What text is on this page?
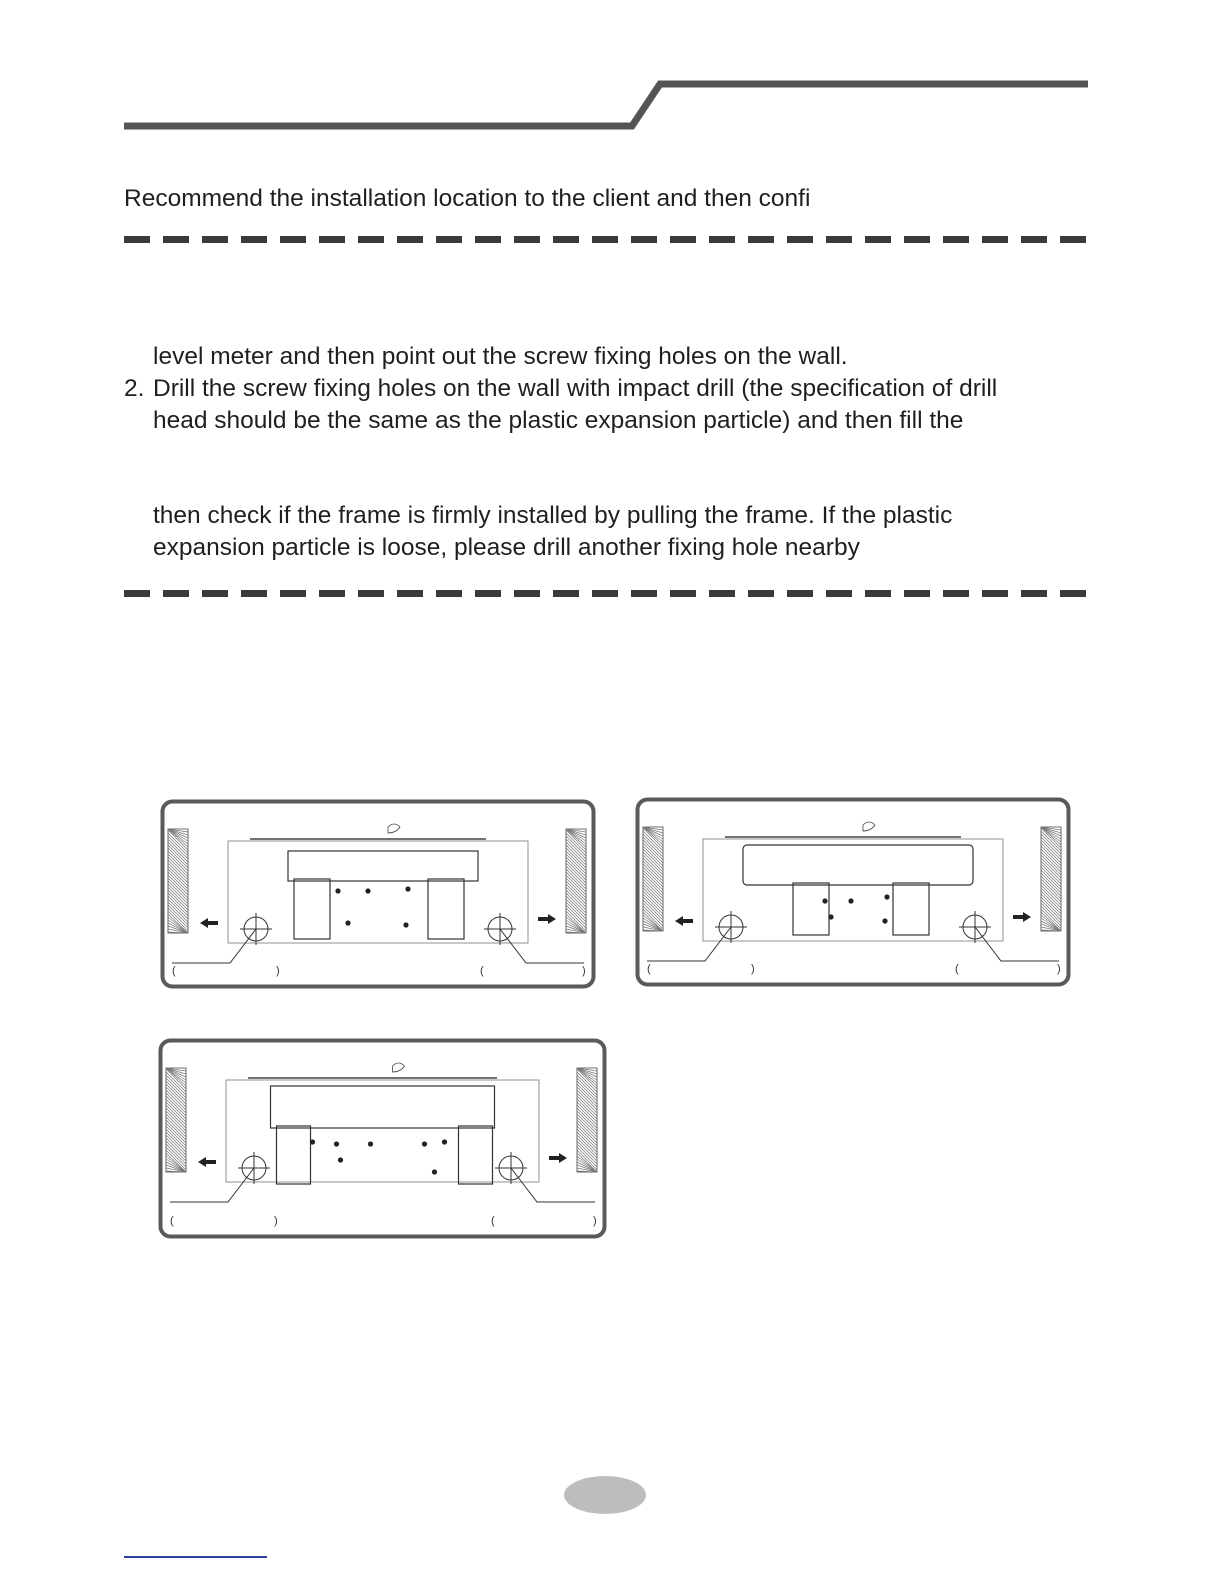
Recommend the installation location to the client and then confi
level meter and then point out the screw fixing holes on the wall.
2. Drill the screw fixing holes on the wall with impact drill (the specification of drill
head should be the same as the plastic expansion particle) and then fill the
then check if the frame is firmly installed by pulling the frame. If the plastic
expansion particle is loose, please drill another fixing hole nearby
(	)	(	)	(	)	(	)
(	)	(	)
